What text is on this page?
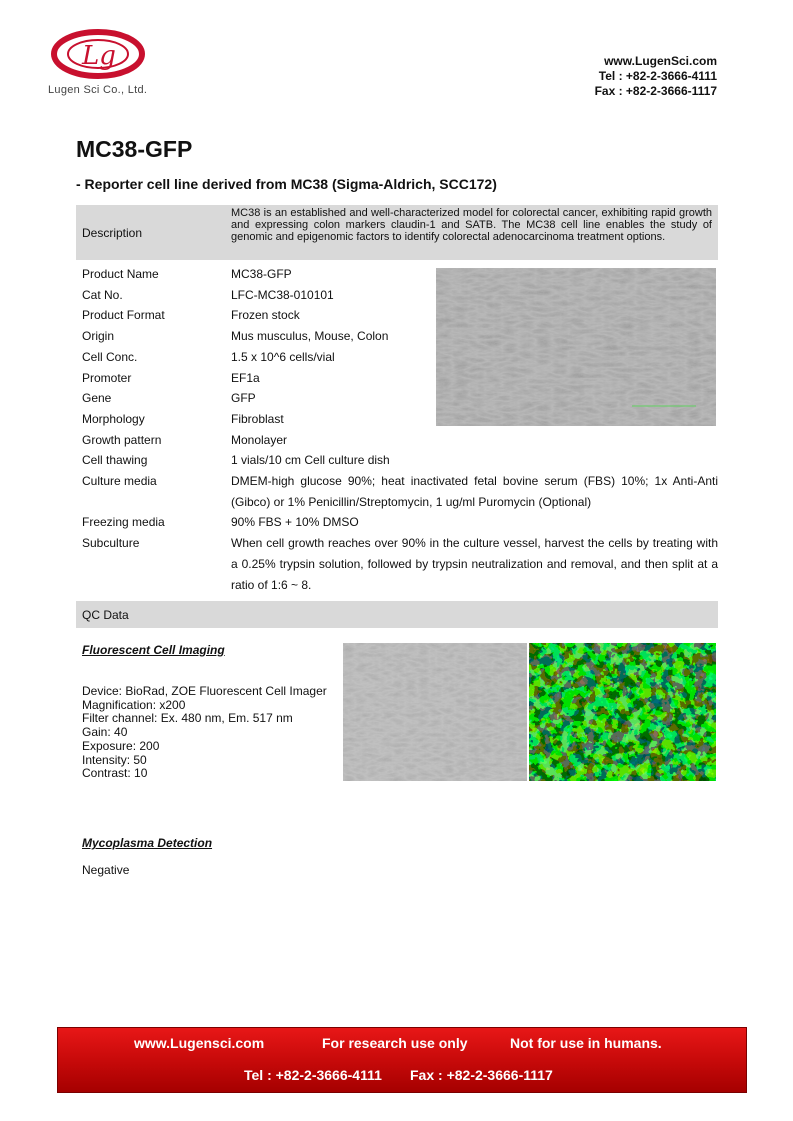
Lg
Lugen Sci Co., Ltd.
www.LugenSci.com
Tel : +82-2-3666-4111
Fax : +82-2-3666-1117
MC38-GFP
- Reporter cell line derived from MC38 (Sigma-Aldrich, SCC172)
Description
MC38 is an established and well-characterized model for colorectal cancer, exhibiting rapid growth and expressing colon markers claudin-1 and SATB. The MC38 cell line enables the study of genomic and epigenomic factors to identify colorectal adenocarcinoma treatment options.
Product Name	MC38-GFP
Cat No.	LFC-MC38-010101
Product Format	Frozen stock
Origin	Mus musculus, Mouse, Colon
Cell Conc.	1.5 x 10^6 cells/vial
Promoter	EF1a
Gene	GFP
Morphology	Fibroblast
Growth pattern	Monolayer
Cell thawing	1 vials/10 cm Cell culture dish
Culture media	DMEM-high glucose 90%; heat inactivated fetal bovine serum (FBS) 10%; 1x Anti-Anti (Gibco) or 1% Penicillin/Streptomycin, 1 ug/ml Puromycin (Optional)
Freezing media	90% FBS + 10% DMSO
Subculture	When cell growth reaches over 90% in the culture vessel, harvest the cells by treating with a 0.25% trypsin solution, followed by trypsin neutralization and removal, and then split at a ratio of 1:6 ~ 8.
QC Data
Fluorescent Cell Imaging
Device: BioRad, ZOE Fluorescent Cell Imager
Magnification: x200
Filter channel: Ex. 480 nm, Em. 517 nm
Gain: 40
Exposure: 200
Intensity: 50
Contrast: 10
Mycoplasma Detection
Negative
www.Lugensci.com	For research use only	Not for use in humans.
Tel : +82-2-3666-4111 Fax : +82-2-3666-1117
